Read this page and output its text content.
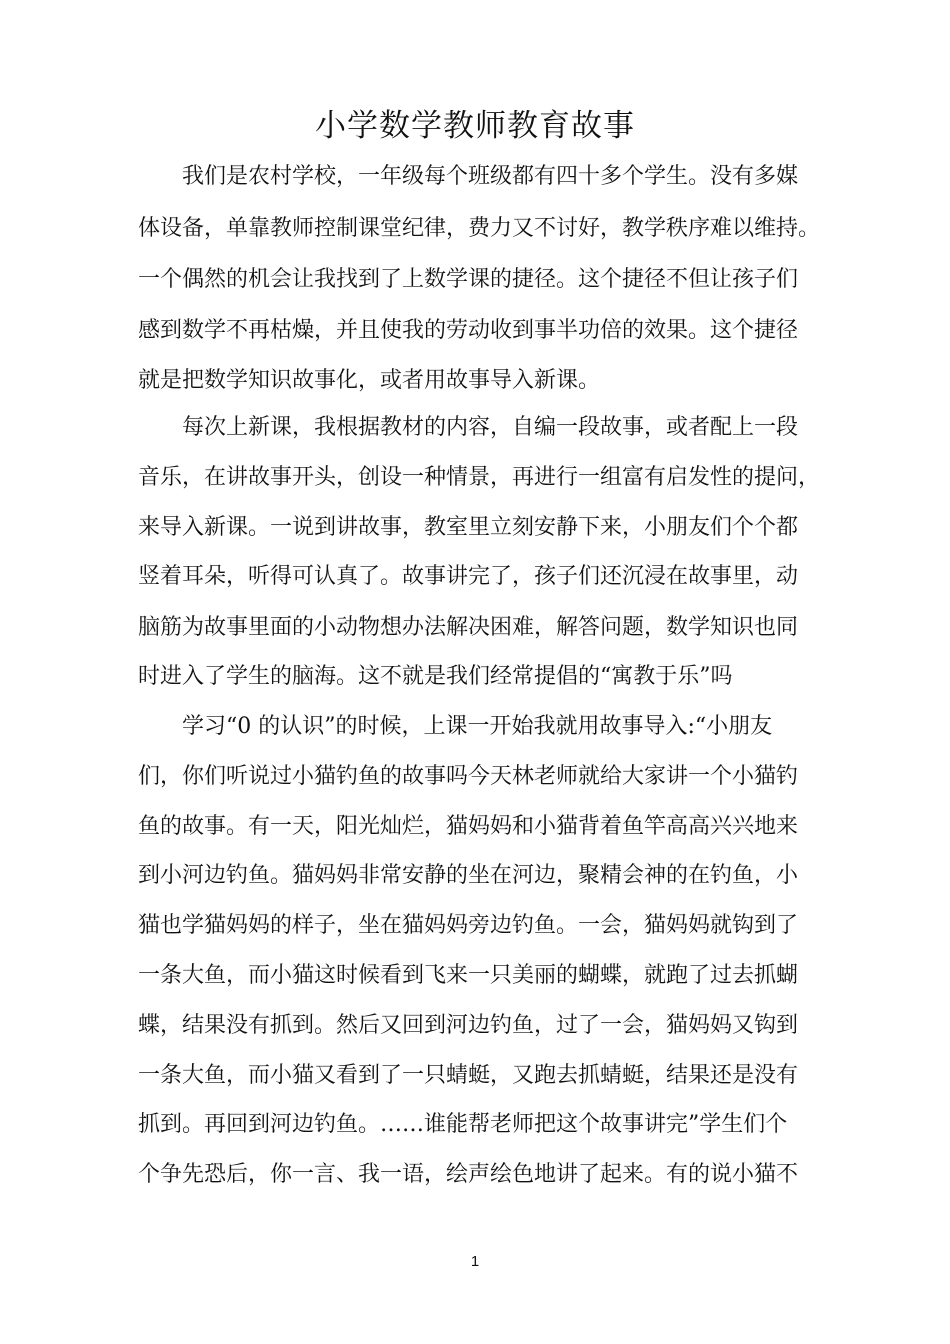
小学数学教师教育故事

　　我们是农村学校，一年级每个班级都有四十多个学生。没有多媒

体设备，单靠教师控制课堂纪律，费力又不讨好，教学秩序难以维持。

一个偶然的机会让我找到了上数学课的捷径。这个捷径不但让孩子们

感到数学不再枯燥，并且使我的劳动收到事半功倍的效果。这个捷径

就是把数学知识故事化，或者用故事导入新课。

　　每次上新课，我根据教材的内容，自编一段故事，或者配上一段

音乐，在讲故事开头，创设一种情景，再进行一组富有启发性的提问，

来导入新课。一说到讲故事，教室里立刻安静下来，小朋友们个个都

竖着耳朵，听得可认真了。故事讲完了，孩子们还沉浸在故事里，动

脑筋为故事里面的小动物想办法解决困难，解答问题，数学知识也同

时进入了学生的脑海。这不就是我们经常提倡的“寓教于乐”吗

　　学习“0 的认识”的时候，上课一开始我就用故事导入:“小朋友

们，你们听说过小猫钓鱼的故事吗今天林老师就给大家讲一个小猫钓

鱼的故事。有一天，阳光灿烂，猫妈妈和小猫背着鱼竿高高兴兴地来

到小河边钓鱼。猫妈妈非常安静的坐在河边，聚精会神的在钓鱼，小

猫也学猫妈妈的样子，坐在猫妈妈旁边钓鱼。一会，猫妈妈就钩到了

一条大鱼，而小猫这时候看到飞来一只美丽的蝴蝶，就跑了过去抓蝴

蝶，结果没有抓到。然后又回到河边钓鱼，过了一会，猫妈妈又钩到

一条大鱼，而小猫又看到了一只蜻蜓，又跑去抓蜻蜓，结果还是没有

抓到。再回到河边钓鱼。……谁能帮老师把这个故事讲完”学生们个

个争先恐后，你一言、我一语，绘声绘色地讲了起来。有的说小猫不

1
